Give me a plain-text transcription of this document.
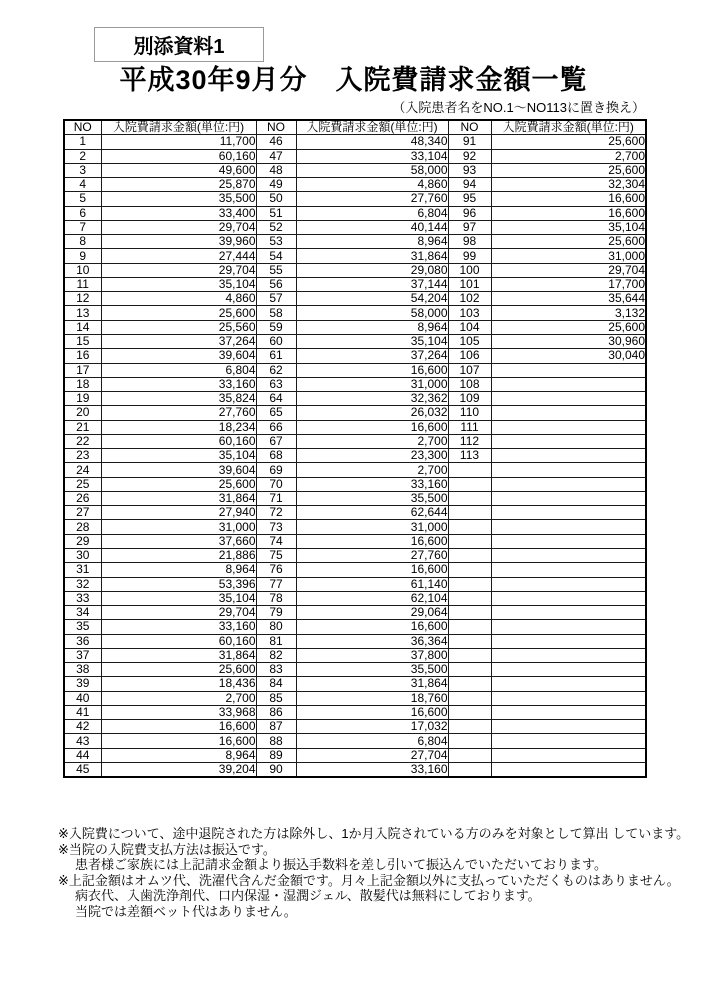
別添資料1
平成30年9月分　入院費請求金額一覧
（入院患者名をNO.1～NO113に置き換え）
NO	入院費請求金額(単位:円)	NO	入院費請求金額(単位:円)	NO	入院費請求金額(単位:円)
1	11,700	46	48,340	91	25,600
2	60,160	47	33,104	92	2,700
3	49,600	48	58,000	93	25,600
4	25,870	49	4,860	94	32,304
5	35,500	50	27,760	95	16,600
6	33,400	51	6,804	96	16,600
7	29,704	52	40,144	97	35,104
8	39,960	53	8,964	98	25,600
9	27,444	54	31,864	99	31,000
10	29,704	55	29,080	100	29,704
11	35,104	56	37,144	101	17,700
12	4,860	57	54,204	102	35,644
13	25,600	58	58,000	103	3,132
14	25,560	59	8,964	104	25,600
15	37,264	60	35,104	105	30,960
16	39,604	61	37,264	106	30,040
17	6,804	62	16,600	107	
18	33,160	63	31,000	108	
19	35,824	64	32,362	109	
20	27,760	65	26,032	110	
21	18,234	66	16,600	111	
22	60,160	67	2,700	112	
23	35,104	68	23,300	113	
24	39,604	69	2,700		
25	25,600	70	33,160		
26	31,864	71	35,500		
27	27,940	72	62,644		
28	31,000	73	31,000		
29	37,660	74	16,600		
30	21,886	75	27,760		
31	8,964	76	16,600		
32	53,396	77	61,140		
33	35,104	78	62,104		
34	29,704	79	29,064		
35	33,160	80	16,600		
36	60,160	81	36,364		
37	31,864	82	37,800		
38	25,600	83	35,500		
39	18,436	84	31,864		
40	2,700	85	18,760		
41	33,968	86	16,600		
42	16,600	87	17,032		
43	16,600	88	6,804		
44	8,964	89	27,704		
45	39,204	90	33,160		
※入院費について、途中退院された方は除外し、1か月入院されている方のみを対象として算出 しています。
※当院の入院費支払方法は振込です。
患者様ご家族には上記請求金額より振込手数料を差し引いて振込んでいただいております。
※上記金額はオムツ代、洗濯代含んだ金額です。月々上記金額以外に支払っていただくものはありません。
病衣代、入歯洗浄剤代、口内保湿・湿潤ジェル、散髪代は無料にしております。
当院では差額ベット代はありません。
